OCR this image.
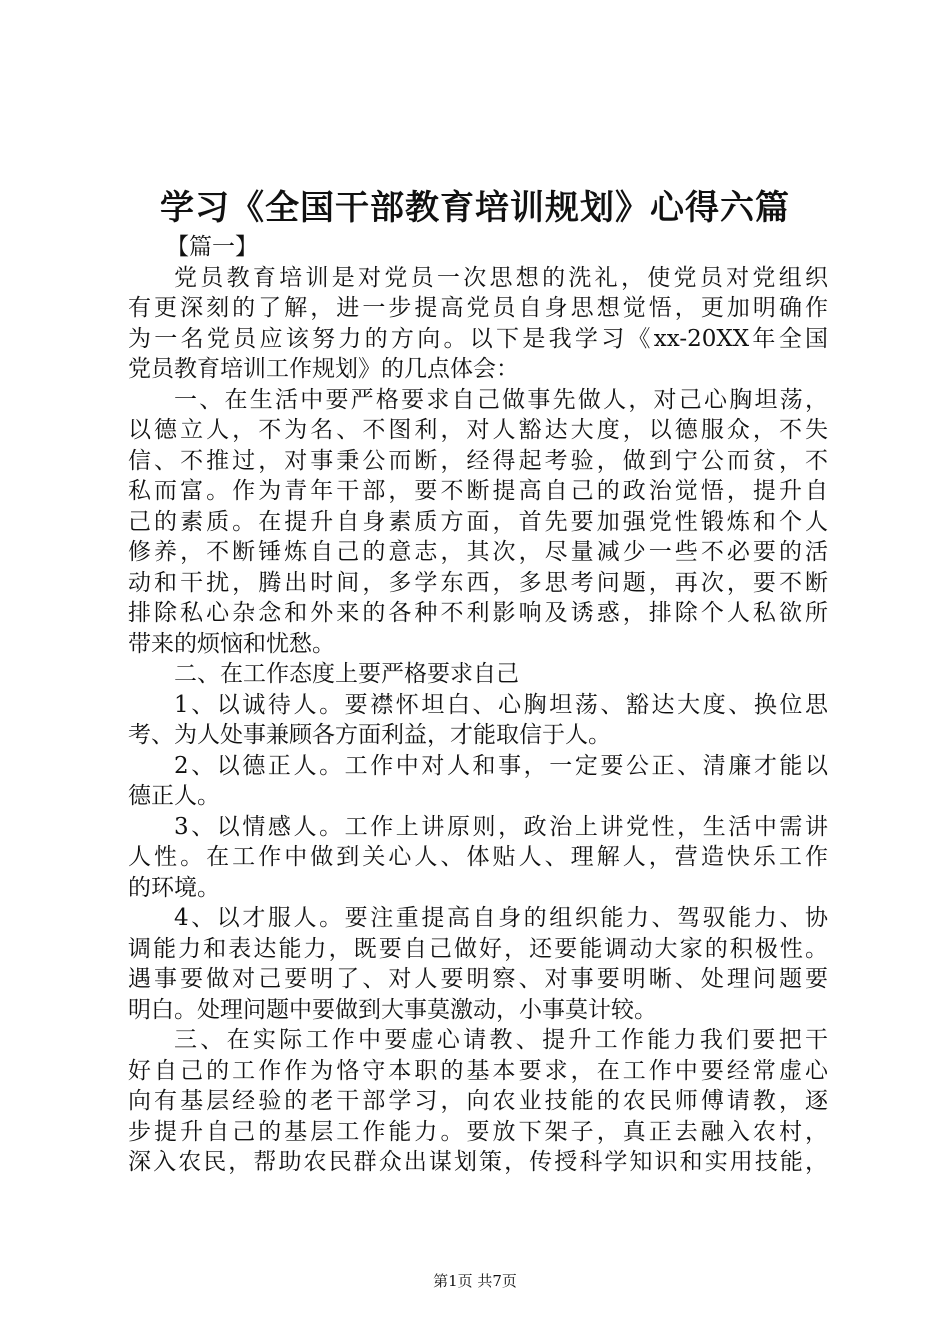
学习《全国干部教育培训规划》心得六篇
【篇一】
党员教育培训是对党员一次思想的洗礼，使党员对党组织
有更深刻的了解，进一步提高党员自身思想觉悟，更加明确作
为一名党员应该努力的方向。以下是我学习《xx-20XX年全国
党员教育培训工作规划》的几点体会：
一、在生活中要严格要求自己做事先做人，对己心胸坦荡，
以德立人，不为名、不图利，对人豁达大度，以德服众，不失
信、不推过，对事秉公而断，经得起考验，做到宁公而贫，不
私而富。作为青年干部，要不断提高自己的政治觉悟，提升自
己的素质。在提升自身素质方面，首先要加强党性锻炼和个人
修养，不断锤炼自己的意志，其次，尽量减少一些不必要的活
动和干扰，腾出时间，多学东西，多思考问题，再次，要不断
排除私心杂念和外来的各种不利影响及诱惑，排除个人私欲所
带来的烦恼和忧愁。
二、在工作态度上要严格要求自己
1、以诚待人。要襟怀坦白、心胸坦荡、豁达大度、换位思
考、为人处事兼顾各方面利益，才能取信于人。
2、以德正人。工作中对人和事，一定要公正、清廉才能以
德正人。
3、以情感人。工作上讲原则，政治上讲党性，生活中需讲
人性。在工作中做到关心人、体贴人、理解人，营造快乐工作
的环境。
4、以才服人。要注重提高自身的组织能力、驾驭能力、协
调能力和表达能力，既要自己做好，还要能调动大家的积极性。
遇事要做对己要明了、对人要明察、对事要明晰、处理问题要
明白。处理问题中要做到大事莫激动，小事莫计较。
三、在实际工作中要虚心请教、提升工作能力我们要把干
好自己的工作作为恪守本职的基本要求，在工作中要经常虚心
向有基层经验的老干部学习，向农业技能的农民师傅请教，逐
步提升自己的基层工作能力。要放下架子，真正去融入农村，
深入农民，帮助农民群众出谋划策，传授科学知识和实用技能，
第1页 共7页
